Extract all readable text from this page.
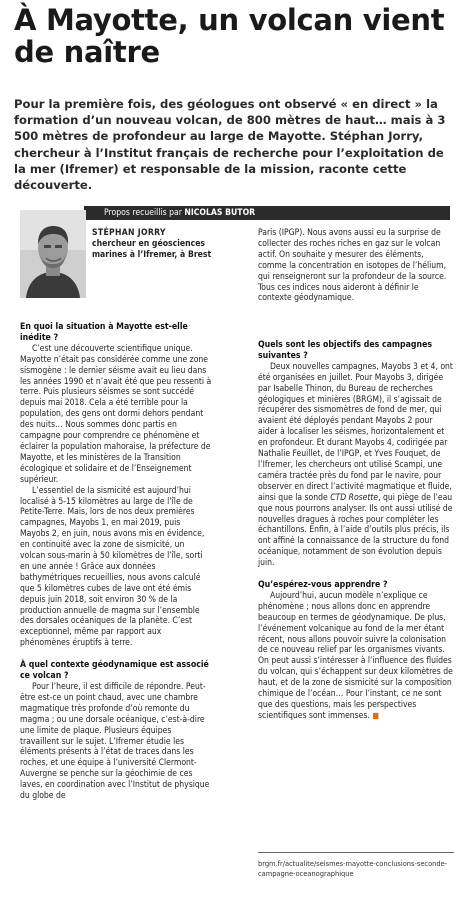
À Mayotte, un volcan vient de naître

Pour la première fois, des géologues ont observé « en direct » la formation d’un nouveau volcan, de 800 mètres de haut… mais à 3 500 mètres de profondeur au large de Mayotte. Stéphan Jorry, chercheur à l’Institut français de recherche pour l’exploitation de la mer (Ifremer) et responsable de la mission, raconte cette découverte.

Propos recueillis par NICOLAS BUTOR
STÉPHAN JORRY
chercheur en géosciences marines à l’Ifremer, à Brest
En quoi la situation à Mayotte est-elle inédite ?

C’est une découverte scientifique unique. Mayotte n’était pas considérée comme une zone sismogène : le dernier séisme avait eu lieu dans les années 1990 et n’avait été que peu ressenti à terre. Puis plusieurs séismes se sont succédé depuis mai 2018. Cela a été terrible pour la population, des gens ont dormi dehors pendant des nuits… Nous sommes donc partis en campagne pour comprendre ce phénomène et éclairer la population mahoraise, la préfecture de Mayotte, et les ministères de la Transition écologique et solidaire et de l’Enseignement supérieur.

L’essentiel de la sismicité est aujourd’hui localisé à 5-15 kilomètres au large de l’île de Petite-Terre. Mais, lors de nos deux premières campagnes, Mayobs 1, en mai 2019, puis Mayobs 2, en juin, nous avons mis en évidence, en continuité avec la zone de sismicité, un volcan sous-marin à 50 kilomètres de l’île, sorti en une année ! Grâce aux données bathymétriques recueillies, nous avons calculé que 5 kilomètres cubes de lave ont été émis depuis juin 2018, soit environ 30 % de la production annuelle de magma sur l’ensemble des dorsales océaniques de la planète. C’est exceptionnel, même par rapport aux phénomènes éruptifs à terre.

À quel contexte géodynamique est associé ce volcan ?

Pour l’heure, il est difficile de répondre. Peut-être est-ce un point chaud, avec une chambre magmatique très profonde d’où remonte du magma ; ou une dorsale océanique, c’est-à-dire une limite de plaque. Plusieurs équipes travaillent sur le sujet. L’Ifremer étudie les éléments présents à l’état de traces dans les roches, et une équipe à l’université Clermont-Auvergne se penche sur la géochimie de ces laves, en coordination avec l’Institut de physique du globe de

Paris (IPGP). Nous avons aussi eu la surprise de collecter des roches riches en gaz sur le volcan actif. On souhaite y mesurer des éléments, comme la concentration en isotopes de l’hélium, qui renseigneront sur la profondeur de la source. Tous ces indices nous aideront à définir le contexte géodynamique.

Quels sont les objectifs des campagnes suivantes ?

Deux nouvelles campagnes, Mayobs 3 et 4, ont été organisées en juillet. Pour Mayobs 3, dirigée par Isabelle Thinon, du Bureau de recherches géologiques et minières (BRGM), il s’agissait de récupérer des sismomètres de fond de mer, qui avaient été déployés pendant Mayobs 2 pour aider à localiser les séismes, horizontalement et en profondeur. Et durant Mayobs 4, codirigée par Nathalie Feuillet, de l’IPGP, et Yves Fouquet, de l’Ifremer, les chercheurs ont utilisé Scampi, une caméra tractée près du fond par le navire, pour observer en direct l’activité magmatique et fluide, ainsi que la sonde CTD Rosette, qui piège de l’eau que nous pourrons analyser. Ils ont aussi utilisé de nouvelles dragues à roches pour compléter les échantillons. Enfin, à l’aide d’outils plus précis, ils ont affiné la connaissance de la structure du fond océanique, notamment de son évolution depuis juin.

Qu’espérez-vous apprendre ?

Aujourd’hui, aucun modèle n’explique ce phénomène ; nous allons donc en apprendre beaucoup en termes de géodynamique. De plus, l’événement volcanique au fond de la mer étant récent, nous allons pouvoir suivre la colonisation de ce nouveau relief par les organismes vivants. On peut aussi s’intéresser à l’influence des fluides du volcan, qui s’échappent sur deux kilomètres de haut, et de la zone de sismicité sur la composition chimique de l’océan… Pour l’instant, ce ne sont que des questions, mais les perspectives scientifiques sont immenses. ■

brgm.fr/actualite/seismes-mayotte-conclusions-seconde-campagne-oceanographique
